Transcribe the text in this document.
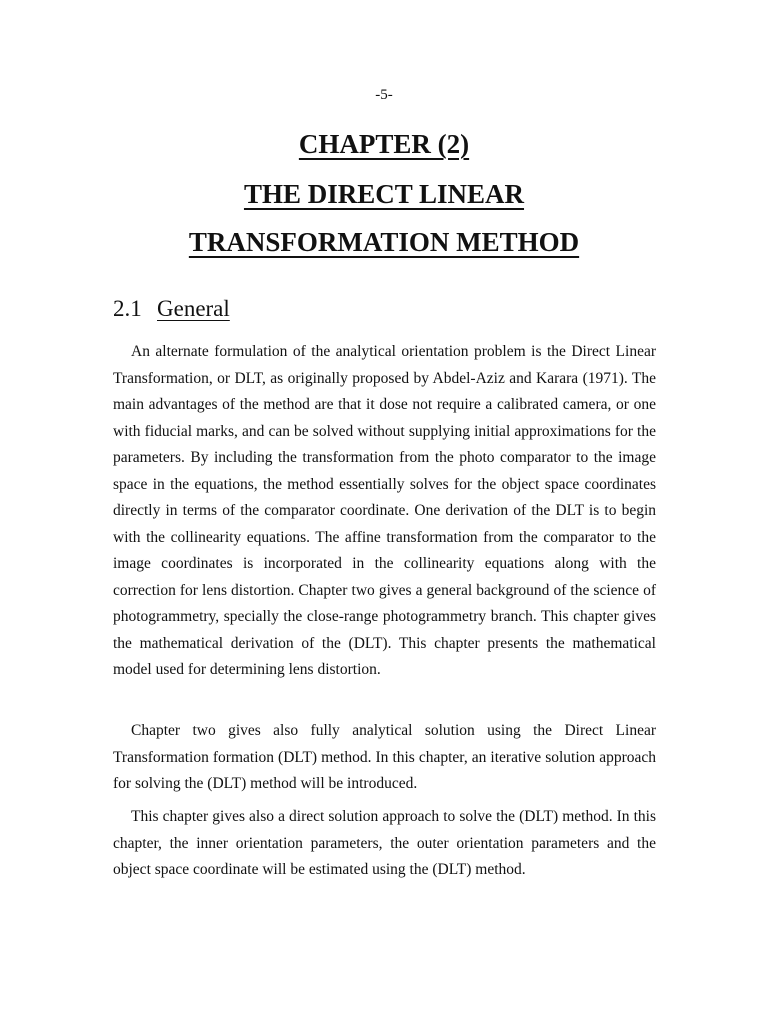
-5-
CHAPTER (2)
THE DIRECT LINEAR
TRANSFORMATION METHOD
2.1 General

An alternate formulation of the analytical orientation problem is the Direct Linear Transformation, or DLT, as originally proposed by Abdel-Aziz and Karara (1971). The main advantages of the method are that it dose not require a calibrated camera, or one with fiducial marks, and can be solved without supplying initial approximations for the parameters. By including the transformation from the photo comparator to the image space in the equations, the method essentially solves for the object space coordinates directly in terms of the comparator coordinate. One derivation of the DLT is to begin with the collinearity equations. The affine transformation from the comparator to the image coordinates is incorporated in the collinearity equations along with the correction for lens distortion. Chapter two gives a general background of the science of photogrammetry, specially the close-range photogrammetry branch. This chapter gives the mathematical derivation of the (DLT). This chapter presents the mathematical model used for determining lens distortion.

Chapter two gives also fully analytical solution using the Direct Linear Transformation formation (DLT) method. In this chapter, an iterative solution approach for solving the (DLT) method will be introduced.

This chapter gives also a direct solution approach to solve the (DLT) method. In this chapter, the inner orientation parameters, the outer orientation parameters and the object space coordinate will be estimated using the (DLT) method.
